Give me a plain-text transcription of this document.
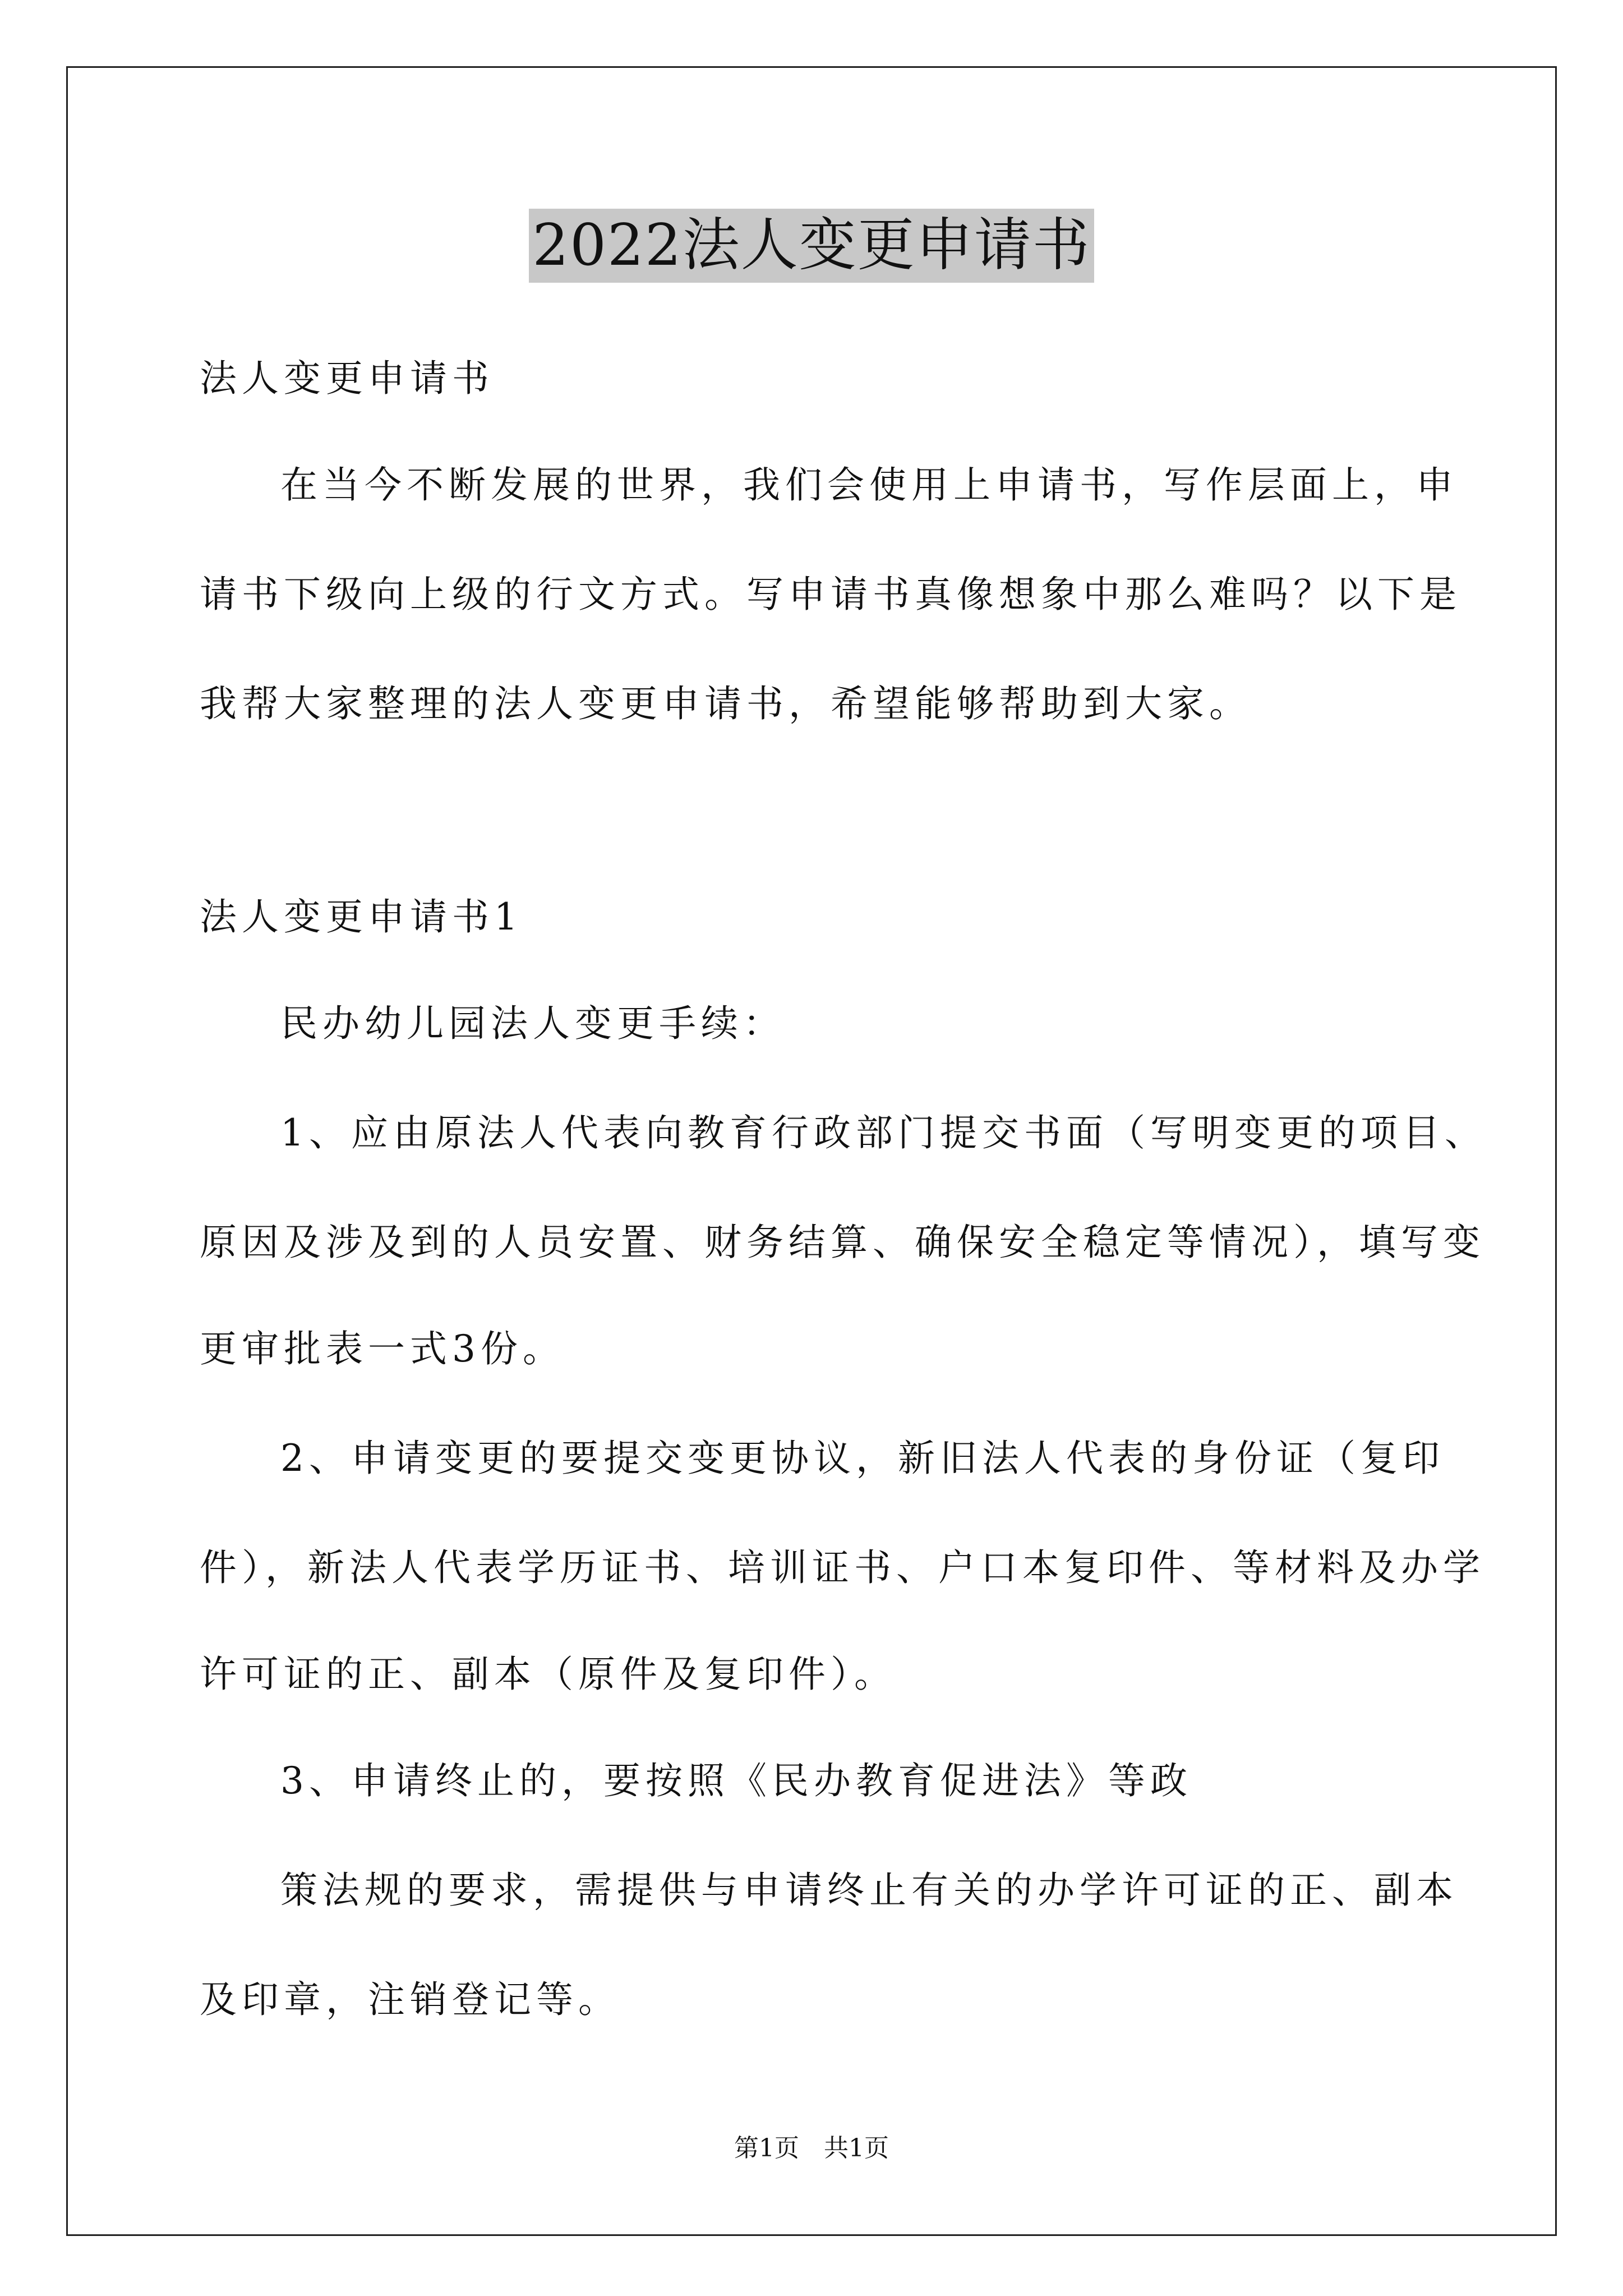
2022法人变更申请书
法人变更申请书
在当今不断发展的世界，我们会使用上申请书，写作层面上，申
请书下级向上级的行文方式。写申请书真像想象中那么难吗？以下是
我帮大家整理的法人变更申请书，希望能够帮助到大家。
法人变更申请书1
民办幼儿园法人变更手续：
1、应由原法人代表向教育行政部门提交书面（写明变更的项目、
原因及涉及到的人员安置、财务结算、确保安全稳定等情况），填写变
更审批表一式3份。
2、申请变更的要提交变更协议，新旧法人代表的身份证（复印
件），新法人代表学历证书、培训证书、户口本复印件、等材料及办学
许可证的正、副本（原件及复印件）。
3、申请终止的，要按照《民办教育促进法》等政
策法规的要求，需提供与申请终止有关的办学许可证的正、副本
及印章，注销登记等。
第1页　共1页
